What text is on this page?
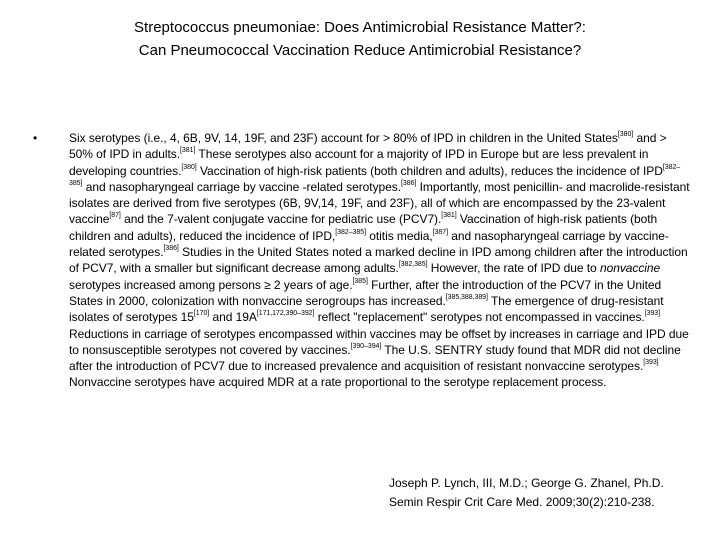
Streptococcus pneumoniae: Does Antimicrobial Resistance Matter?:
Can Pneumococcal Vaccination Reduce Antimicrobial Resistance?
•	Six serotypes (i.e., 4, 6B, 9V, 14, 19F, and 23F) account for > 80% of IPD in children in the United States[380] and > 50% of IPD in adults.[381] These serotypes also account for a majority of IPD in Europe but are less prevalent in developing countries.[380] Vaccination of high-risk patients (both children and adults), reduces the incidence of IPD[382–385] and nasopharyngeal carriage by vaccine -related serotypes.[386] Importantly, most penicillin- and macrolide-resistant isolates are derived from five serotypes (6B, 9V,14, 19F, and 23F), all of which are encompassed by the 23-valent vaccine[87] and the 7-valent conjugate vaccine for pediatric use (PCV7).[381] Vaccination of high-risk patients (both children and adults), reduced the incidence of IPD,[382–385] otitis media,[387] and nasopharyngeal carriage by vaccine-related serotypes.[386] Studies in the United States noted a marked decline in IPD among children after the introduction of PCV7, with a smaller but significant decrease among adults.[382,385] However, the rate of IPD due to nonvaccine serotypes increased among persons ≥ 2 years of age.[385] Further, after the introduction of the PCV7 in the United States in 2000, colonization with nonvaccine serogroups has increased.[385,388,389] The emergence of drug-resistant isolates of serotypes 15[170] and 19A[171,172,390–392] reflect "replacement" serotypes not encompassed in vaccines.[393] Reductions in carriage of serotypes encompassed within vaccines may be offset by increases in carriage and IPD due to nonsusceptible serotypes not covered by vaccines.[390–394] The U.S. SENTRY study found that MDR did not decline after the introduction of PCV7 due to increased prevalence and acquisition of resistant nonvaccine serotypes.[393] Nonvaccine serotypes have acquired MDR at a rate proportional to the serotype replacement process.
Joseph P. Lynch, III, M.D.; George G. Zhanel, Ph.D.
Semin Respir Crit Care Med. 2009;30(2):210-238.
